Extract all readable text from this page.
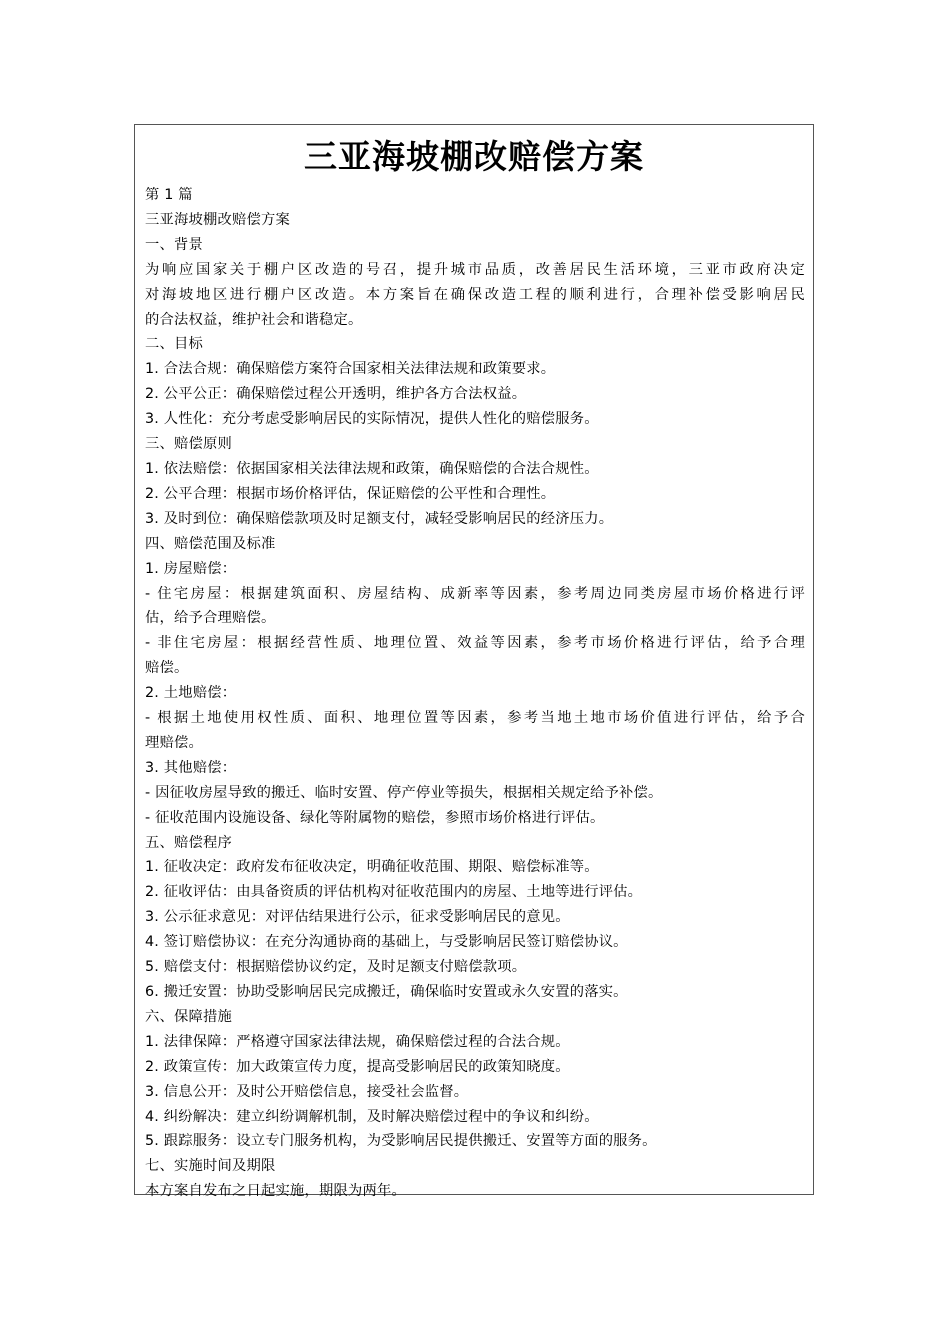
三亚海坡棚改赔偿方案
第 1 篇
三亚海坡棚改赔偿方案
一、背景
为响应国家关于棚户区改造的号召，提升城市品质，改善居民生活环境，三亚市政府决定
对海坡地区进行棚户区改造。本方案旨在确保改造工程的顺利进行，合理补偿受影响居民
的合法权益，维护社会和谐稳定。
二、目标
1. 合法合规：确保赔偿方案符合国家相关法律法规和政策要求。
2. 公平公正：确保赔偿过程公开透明，维护各方合法权益。
3. 人性化：充分考虑受影响居民的实际情况，提供人性化的赔偿服务。
三、赔偿原则
1. 依法赔偿：依据国家相关法律法规和政策，确保赔偿的合法合规性。
2. 公平合理：根据市场价格评估，保证赔偿的公平性和合理性。
3. 及时到位：确保赔偿款项及时足额支付，减轻受影响居民的经济压力。
四、赔偿范围及标准
1. 房屋赔偿：
- 住宅房屋：根据建筑面积、房屋结构、成新率等因素，参考周边同类房屋市场价格进行评
估，给予合理赔偿。
- 非住宅房屋：根据经营性质、地理位置、效益等因素，参考市场价格进行评估，给予合理
赔偿。
2. 土地赔偿：
- 根据土地使用权性质、面积、地理位置等因素，参考当地土地市场价值进行评估，给予合
理赔偿。
3. 其他赔偿：
- 因征收房屋导致的搬迁、临时安置、停产停业等损失，根据相关规定给予补偿。
- 征收范围内设施设备、绿化等附属物的赔偿，参照市场价格进行评估。
五、赔偿程序
1. 征收决定：政府发布征收决定，明确征收范围、期限、赔偿标准等。
2. 征收评估：由具备资质的评估机构对征收范围内的房屋、土地等进行评估。
3. 公示征求意见：对评估结果进行公示，征求受影响居民的意见。
4. 签订赔偿协议：在充分沟通协商的基础上，与受影响居民签订赔偿协议。
5. 赔偿支付：根据赔偿协议约定，及时足额支付赔偿款项。
6. 搬迁安置：协助受影响居民完成搬迁，确保临时安置或永久安置的落实。
六、保障措施
1. 法律保障：严格遵守国家法律法规，确保赔偿过程的合法合规。
2. 政策宣传：加大政策宣传力度，提高受影响居民的政策知晓度。
3. 信息公开：及时公开赔偿信息，接受社会监督。
4. 纠纷解决：建立纠纷调解机制，及时解决赔偿过程中的争议和纠纷。
5. 跟踪服务：设立专门服务机构，为受影响居民提供搬迁、安置等方面的服务。
七、实施时间及期限
本方案自发布之日起实施，期限为两年。
